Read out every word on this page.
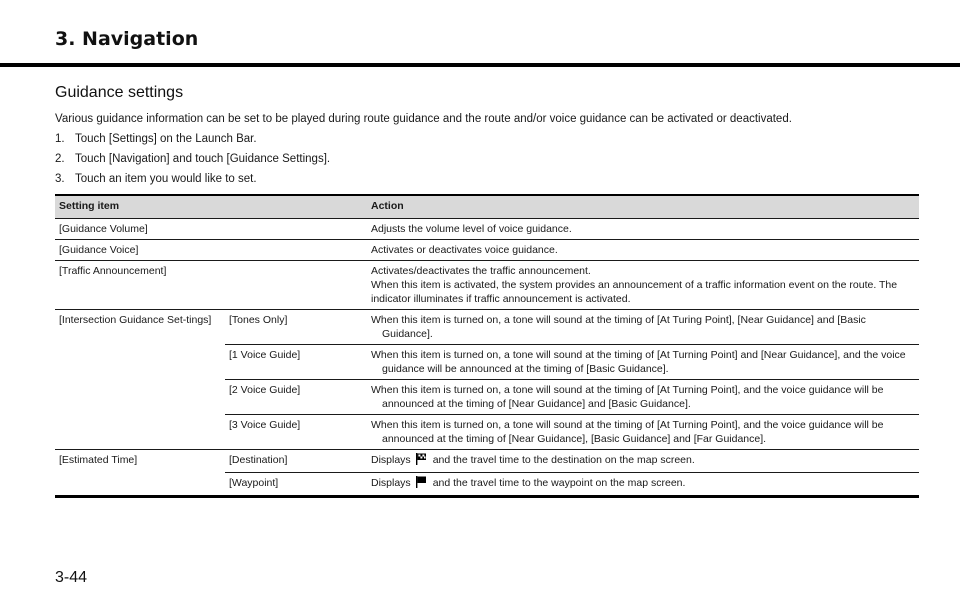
3. Navigation
Guidance settings
Various guidance information can be set to be played during route guidance and the route and/or voice guidance can be activated or deactivated.
1. Touch [Settings] on the Launch Bar.
2. Touch [Navigation] and touch [Guidance Settings].
3. Touch an item you would like to set.
Setting item		Action
[Guidance Volume]		Adjusts the volume level of voice guidance.
[Guidance Voice]		Activates or deactivates voice guidance.
[Traffic Announcement]		Activates/deactivates the traffic announcement.
When this item is activated, the system provides an announcement of a traffic information event on the route. The indicator illuminates if traffic announcement is activated.

[Intersection Guidance Set-tings]	[Tones Only]	When this item is turned on, a tone will sound at the timing of [At Turing Point], [Near Guidance] and [Basic Guidance].

	[1 Voice Guide]	When this item is turned on, a tone will sound at the timing of [At Turning Point] and [Near Guidance], and the voice guidance will be announced at the timing of [Basic Guidance].

	[2 Voice Guide]	When this item is turned on, a tone will sound at the timing of [At Turning Point], and the voice guidance will be announced at the timing of [Near Guidance] and [Basic Guidance].

	[3 Voice Guide]	When this item is turned on, a tone will sound at the timing of [At Turning Point], and the voice guidance will be announced at the timing of [Near Guidance], [Basic Guidance] and [Far Guidance].

[Estimated Time]	[Destination]	Displays and the travel time to the destination on the map screen.
	[Waypoint]	Displays and the travel time to the waypoint on the map screen.
3-44
